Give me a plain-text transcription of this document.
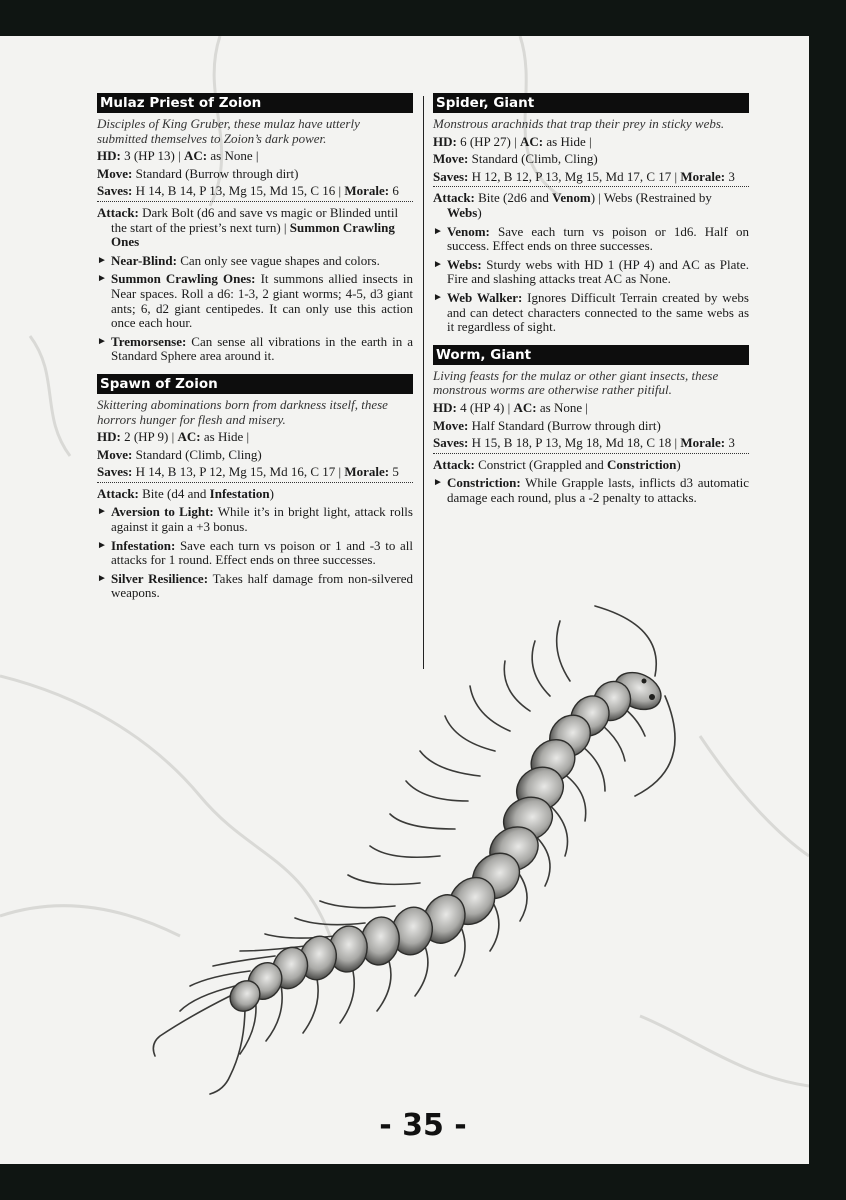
Mulaz Priest of Zoion
Disciples of King Gruber, these mulaz have utterly submitted themselves to Zoion’s dark power.
HD: 3 (HP 13) | AC: as None |
Move: Standard (Burrow through dirt)
Saves: H 14, B 14, P 13, Mg 15, Md 15, C 16 | Morale: 6
Attack: Dark Bolt (d6 and save vs magic or Blinded until the start of the priest’s next turn) | Summon Crawling Ones
► Near-Blind: Can only see vague shapes and colors.
► Summon Crawling Ones: It summons allied insects in Near spaces. Roll a d6: 1-3, 2 giant worms; 4-5, d3 giant ants; 6, d2 giant centipedes. It can only use this action once each hour.
► Tremorsense: Can sense all vibrations in the earth in a Standard Sphere area around it.
Spawn of Zoion
Skittering abominations born from darkness itself, these horrors hunger for flesh and misery.
HD: 2 (HP 9) | AC: as Hide |
Move: Standard (Climb, Cling)
Saves: H 14, B 13, P 12, Mg 15, Md 16, C 17 | Morale: 5
Attack: Bite (d4 and Infestation)
► Aversion to Light: While it’s in bright light, attack rolls against it gain a +3 bonus.
► Infestation: Save each turn vs poison or 1 and -3 to all attacks for 1 round. Effect ends on three successes.
► Silver Resilience: Takes half damage from non-silvered weapons.
Spider, Giant
Monstrous arachnids that trap their prey in sticky webs.
HD: 6 (HP 27) | AC: as Hide |
Move: Standard (Climb, Cling)
Saves: H 12, B 12, P 13, Mg 15, Md 17, C 17 | Morale: 3
Attack: Bite (2d6 and Venom) | Webs (Restrained by Webs)
► Venom: Save each turn vs poison or 1d6. Half on success. Effect ends on three successes.
► Webs: Sturdy webs with HD 1 (HP 4) and AC as Plate. Fire and slashing attacks treat AC as None.
► Web Walker: Ignores Difficult Terrain created by webs and can detect characters connected to the same webs as it regardless of sight.
Worm, Giant
Living feasts for the mulaz or other giant insects, these monstrous worms are otherwise rather pitiful.
HD: 4 (HP 4) | AC: as None |
Move: Half Standard (Burrow through dirt)
Saves: H 15, B 18, P 13, Mg 18, Md 18, C 18 | Morale: 3
Attack: Constrict (Grappled and Constriction)
► Constriction: While Grapple lasts, inflicts d3 automatic damage each round, plus a -2 penalty to attacks.
- 35 -
